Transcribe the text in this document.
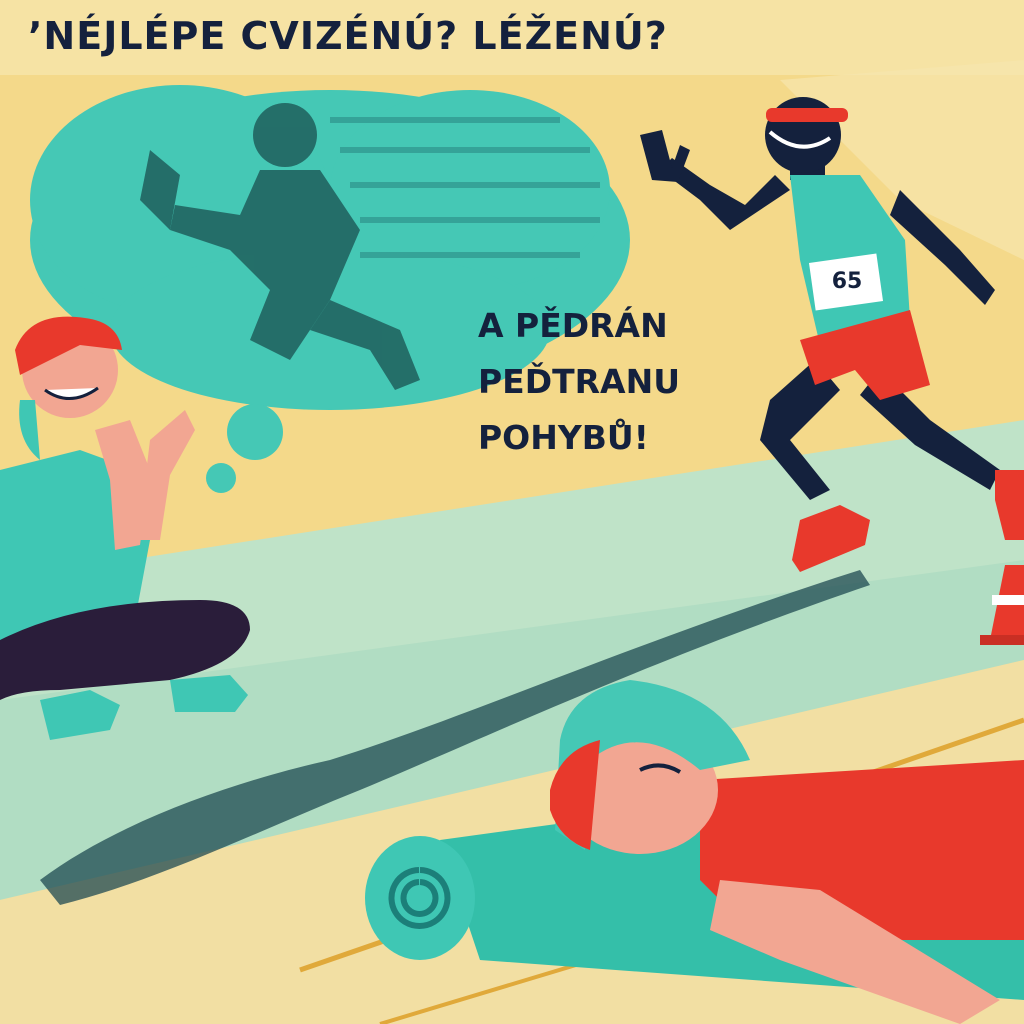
’NÉJLÉPE CVIZÉNÚ? LÉŽENÚ?
A PĚDRÁN
PEĎTRANU
POHYBŮ!
65
